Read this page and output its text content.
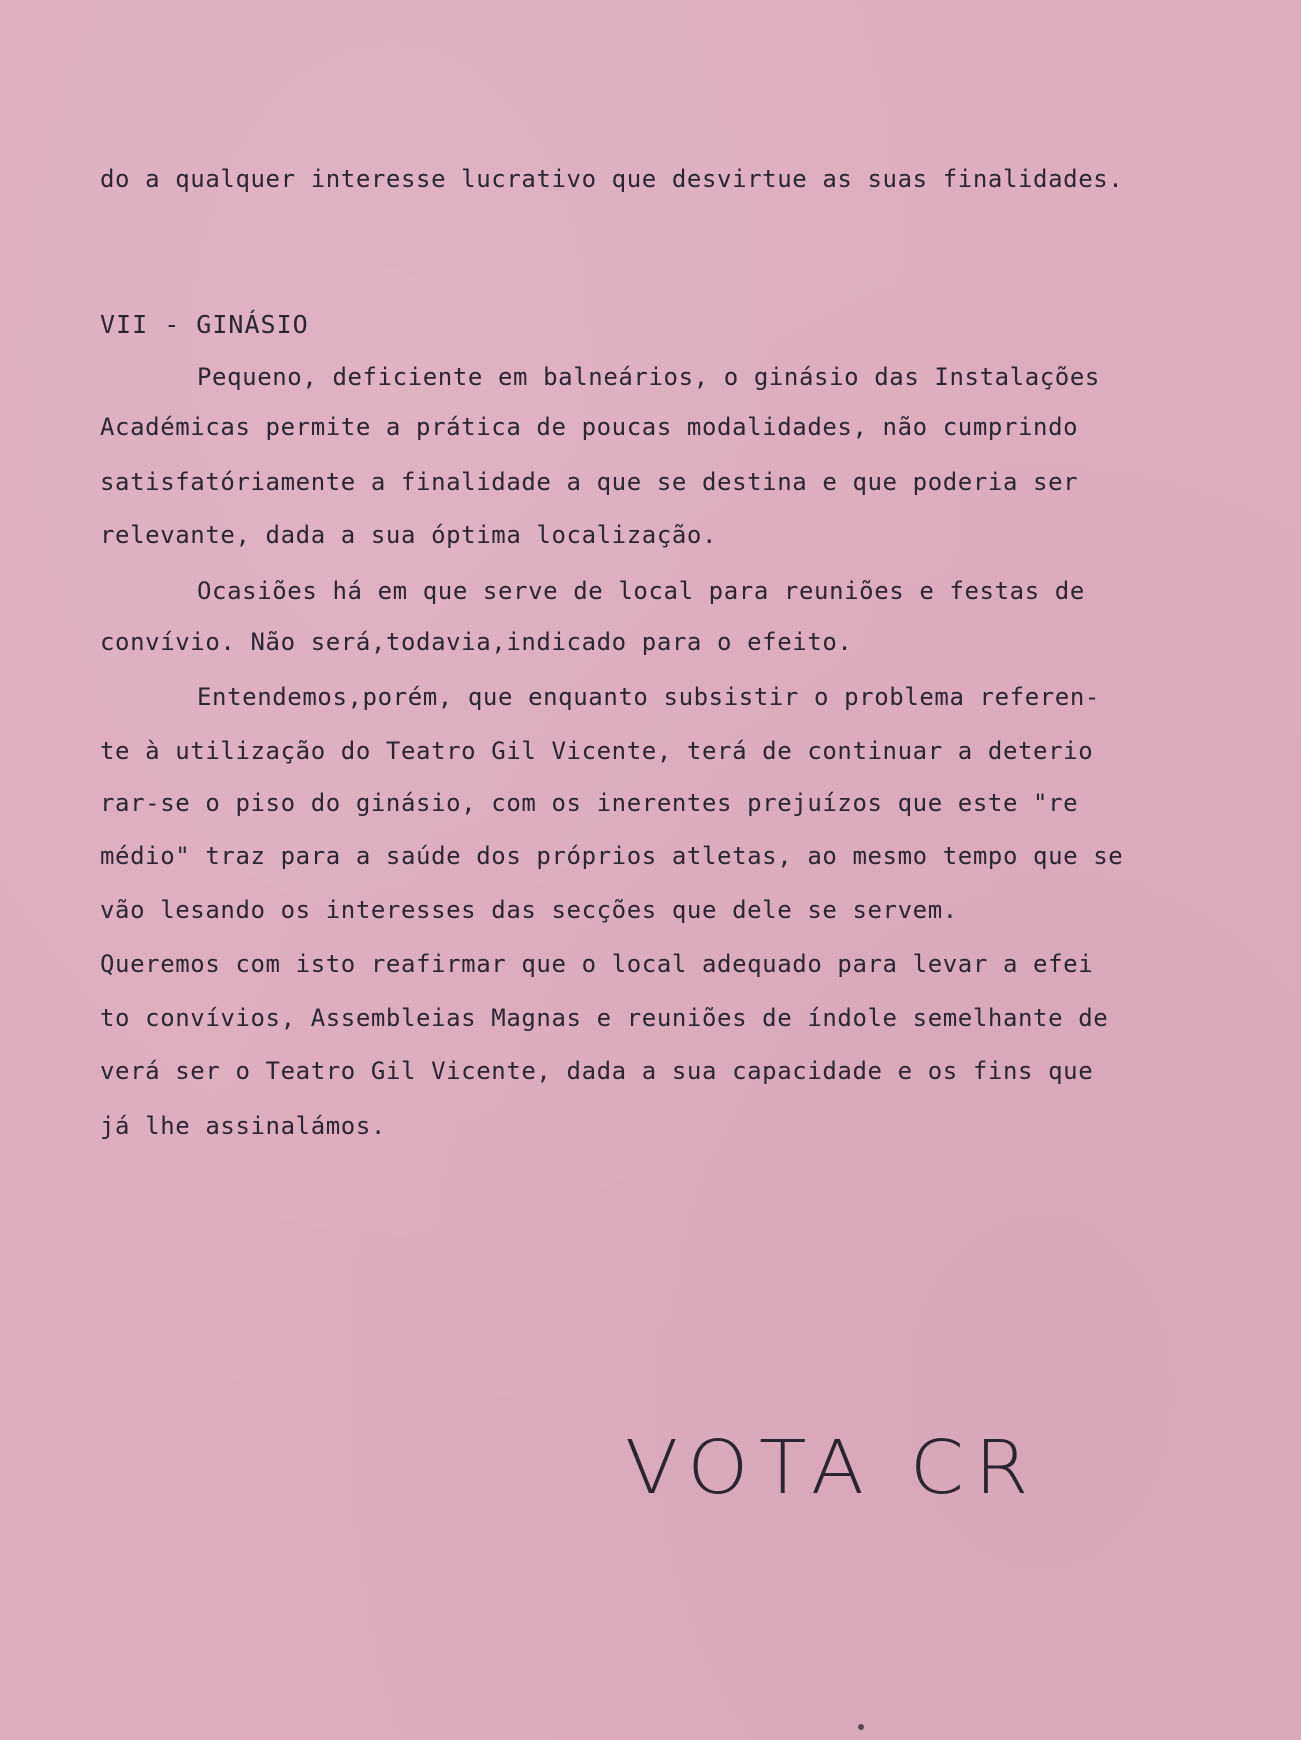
do a qualquer interesse lucrativo que desvirtue as suas finalidades.
VII - GINÁSIO
Pequeno, deficiente em balneários, o ginásio das Instalações
Académicas permite a prática de poucas modalidades, não cumprindo
satisfatóriamente a finalidade a que se destina e que poderia ser
relevante, dada a sua óptima localização.
Ocasiões há em que serve de local para reuniões e festas de
convívio. Não será,todavia,indicado para o efeito.
Entendemos,porém, que enquanto subsistir o problema referen-
te à utilização do Teatro Gil Vicente, terá de continuar a deterio
rar-se o piso do ginásio, com os inerentes prejuízos que este "re
médio" traz para a saúde dos próprios atletas, ao mesmo tempo que se
vão lesando os interesses das secções que dele se servem.
Queremos com isto reafirmar que o local adequado para levar a efei
to convívios, Assembleias Magnas e reuniões de índole semelhante de
verá ser o Teatro Gil Vicente, dada a sua capacidade e os fins que
já lhe assinalámos.
VOTA CR
